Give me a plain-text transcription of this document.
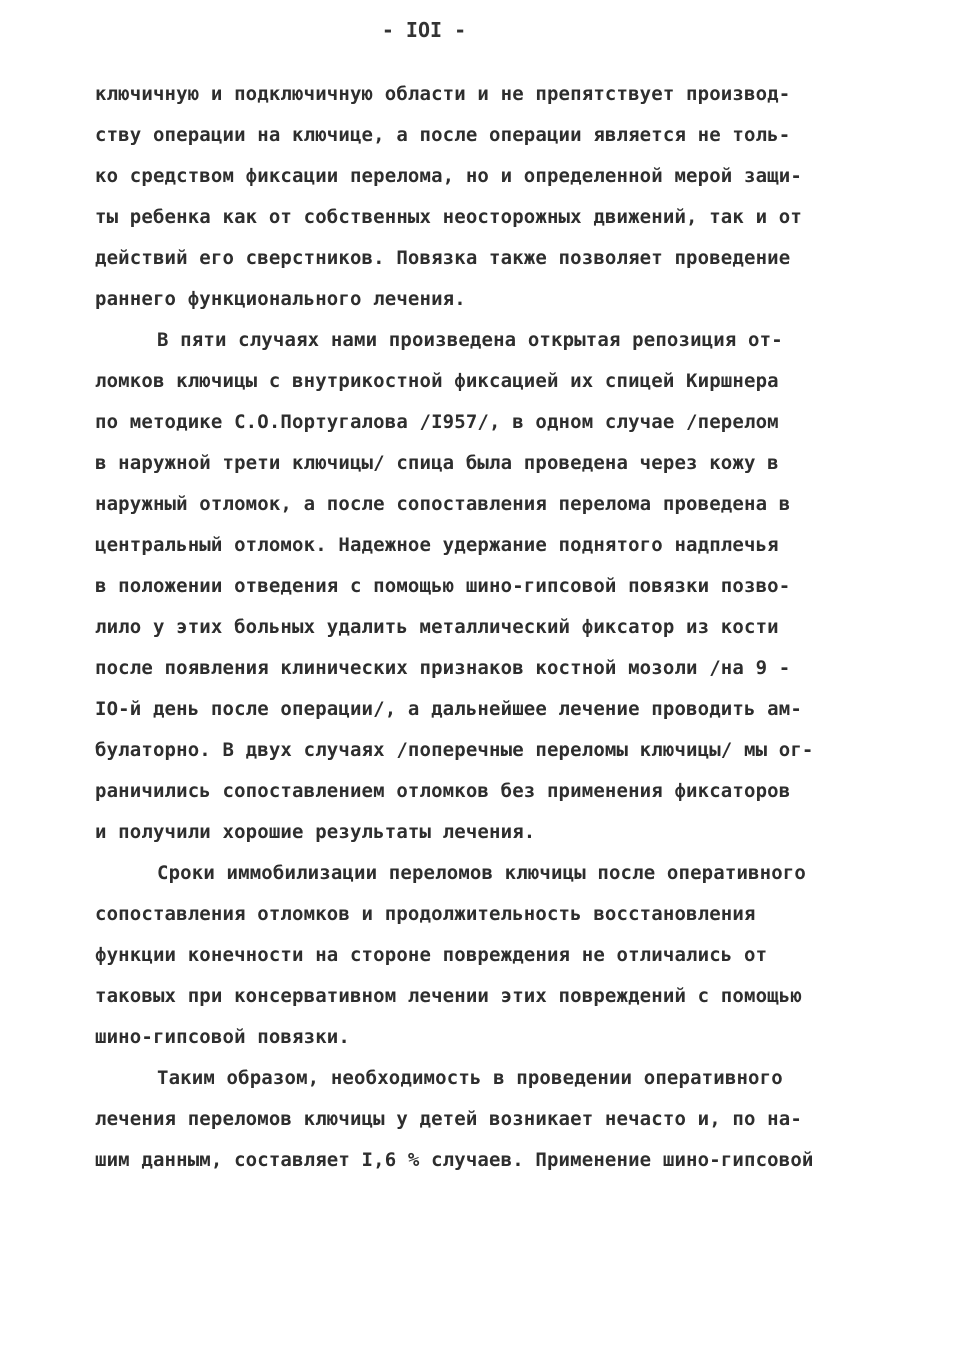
- IOI -
ключичную и подключичную области и не препятствует производ-
ству операции на ключице, а после операции является не толь-
ко средством фиксации перелома, но и определенной мерой защи-
ты ребенка как от собственных неосторожных движений, так и от
действий его сверстников. Повязка также позволяет проведение
раннего функционального лечения.
В пяти случаях нами произведена открытая репозиция от-
ломков ключицы с внутрикостной фиксацией их спицей Киршнера
по методике С.О.Португалова /I957/, в одном случае /перелом
в наружной трети ключицы/ спица была проведена через кожу в
наружный отломок, а после сопоставления перелома проведена в
центральный отломок. Надежное удержание поднятого надплечья
в положении отведения с помощью шино-гипсовой повязки позво-
лило у этих больных удалить металлический фиксатор из кости
после появления клинических признаков костной мозоли /на 9 -
IO-й день после операции/, а дальнейшее лечение проводить ам-
булаторно. В двух случаях /поперечные переломы ключицы/ мы ог-
раничились сопоставлением отломков без применения фиксаторов
и получили хорошие результаты лечения.
Сроки иммобилизации переломов ключицы после оперативного
сопоставления отломков и продолжительность восстановления
функции конечности на стороне повреждения не отличались от
таковых при консервативном лечении этих повреждений с помощью
шино-гипсовой повязки.
Таким образом, необходимость в проведении оперативного
лечения переломов ключицы у детей возникает нечасто и, по на-
шим данным, составляет I,6 % случаев. Применение шино-гипсовой
